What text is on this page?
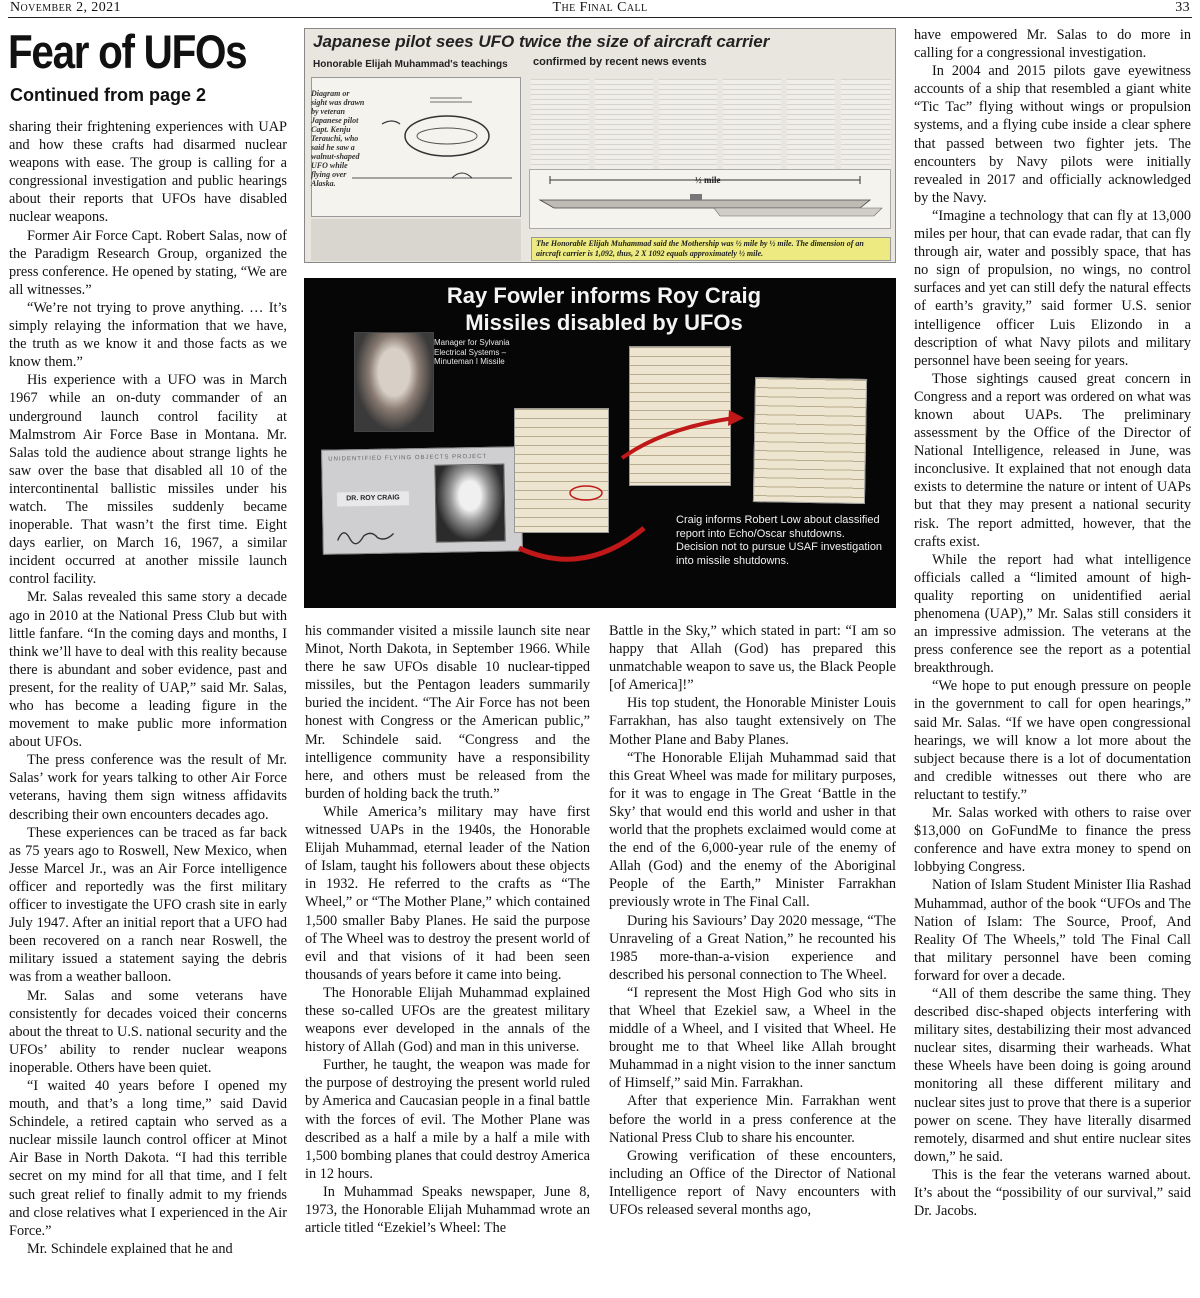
November 2, 2021	The Final Call	33
Fear of UFOs
Continued from page 2
Japanese pilot sees UFO twice the size of aircraft carrier
Honorable Elijah Muhammad's teachings confirmed by recent news events
Diagram or sight was drawn by veteran Japanese pilot Capt. Kenju Terauchi, who said he saw a walnut-shaped UFO while flying over Alaska.	½ mile
The Honorable Elijah Muhammad said the Mothership was ½ mile by ½ mile. The dimension of an aircraft carrier is 1,092, thus, 2 X 1092 equals approximately ½ mile.
Ray Fowler informs Roy Craig
Missiles disabled by UFOs
Manager for Sylvania Electrical Systems – Minuteman I Missile
UNIDENTIFIED FLYING OBJECTS PROJECT
DR. ROY CRAIG
Craig informs Robert Low about classified report into Echo/Oscar shutdowns. Decision not to pursue USAF investigation into missile shutdowns.

sharing their frightening experiences with UAP and how these crafts had disarmed nuclear weapons with ease. The group is calling for a congressional investigation and public hearings about their reports that UFOs have disabled nuclear weapons.

Former Air Force Capt. Robert Salas, now of the Paradigm Research Group, organized the press conference. He opened by stating, “We are all witnesses.”

“We’re not trying to prove anything. … It’s simply relaying the information that we have, the truth as we know it and those facts as we know them.”

His experience with a UFO was in March 1967 while an on-duty commander of an underground launch control facility at Malmstrom Air Force Base in Montana. Mr. Salas told the audience about strange lights he saw over the base that disabled all 10 of the intercontinental ballistic missiles under his watch. The missiles suddenly became inoperable. That wasn’t the first time. Eight days earlier, on March 16, 1967, a similar incident occurred at another missile launch control facility.

Mr. Salas revealed this same story a decade ago in 2010 at the National Press Club but with little fanfare. “In the coming days and months, I think we’ll have to deal with this reality because there is abundant and sober evidence, past and present, for the reality of UAP,” said Mr. Salas, who has become a leading figure in the movement to make public more information about UFOs.

The press conference was the result of Mr. Salas’ work for years talking to other Air Force veterans, having them sign witness affidavits describing their own encounters decades ago.

These experiences can be traced as far back as 75 years ago to Roswell, New Mexico, when Jesse Marcel Jr., was an Air Force intelligence officer and reportedly was the first military officer to investigate the UFO crash site in early July 1947. After an initial report that a UFO had been recovered on a ranch near Roswell, the military issued a statement saying the debris was from a weather balloon.

Mr. Salas and some veterans have consistently for decades voiced their concerns about the threat to U.S. national security and the UFOs’ ability to render nuclear weapons inoperable. Others have been quiet.

“I waited 40 years before I opened my mouth, and that’s a long time,” said David Schindele, a retired captain who served as a nuclear missile launch control officer at Minot Air Base in North Dakota. “I had this terrible secret on my mind for all that time, and I felt such great relief to finally admit to my friends and close relatives what I experienced in the Air Force.”

Mr. Schindele explained that he and

his commander visited a missile launch site near Minot, North Dakota, in September 1966. While there he saw UFOs disable 10 nuclear-tipped missiles, but the Pentagon leaders summarily buried the incident. “The Air Force has not been honest with Congress or the American public,” Mr. Schindele said. “Congress and the intelligence community have a responsibility here, and others must be released from the burden of holding back the truth.”

While America’s military may have first witnessed UAPs in the 1940s, the Honorable Elijah Muhammad, eternal leader of the Nation of Islam, taught his followers about these objects in 1932. He referred to the crafts as “The Wheel,” or “The Mother Plane,” which contained 1,500 smaller Baby Planes. He said the purpose of The Wheel was to destroy the present world of evil and that visions of it had been seen thousands of years before it came into being.

The Honorable Elijah Muhammad explained these so-called UFOs are the greatest military weapons ever developed in the annals of the history of Allah (God) and man in this universe.

Further, he taught, the weapon was made for the purpose of destroying the present world ruled by America and Caucasian people in a final battle with the forces of evil. The Mother Plane was described as a half a mile by a half a mile with 1,500 bombing planes that could destroy America in 12 hours.

In Muhammad Speaks newspaper, June 8, 1973, the Honorable Elijah Muhammad wrote an article titled “Ezekiel’s Wheel: The

Battle in the Sky,” which stated in part: “I am so happy that Allah (God) has prepared this unmatchable weapon to save us, the Black People [of America]!”

His top student, the Honorable Minister Louis Farrakhan, has also taught extensively on The Mother Plane and Baby Planes.

“The Honorable Elijah Muhammad said that this Great Wheel was made for military purposes, for it was to engage in The Great ‘Battle in the Sky’ that would end this world and usher in that world that the prophets exclaimed would come at the end of the 6,000-year rule of the enemy of Allah (God) and the enemy of the Aboriginal People of the Earth,” Minister Farrakhan previously wrote in The Final Call.

During his Saviours’ Day 2020 message, “The Unraveling of a Great Nation,” he recounted his 1985 more-than-a-vision experience and described his personal connection to The Wheel.

“I represent the Most High God who sits in that Wheel that Ezekiel saw, a Wheel in the middle of a Wheel, and I visited that Wheel. He brought me to that Wheel like Allah brought Muhammad in a night vision to the inner sanctum of Himself,” said Min. Farrakhan.

After that experience Min. Farrakhan went before the world in a press conference at the National Press Club to share his encounter.

Growing verification of these encounters, including an Office of the Director of National Intelligence report of Navy encounters with UFOs released several months ago,

have empowered Mr. Salas to do more in calling for a congressional investigation.

In 2004 and 2015 pilots gave eyewitness accounts of a ship that resembled a giant white “Tic Tac” flying without wings or propulsion systems, and a flying cube inside a clear sphere that passed between two fighter jets. The encounters by Navy pilots were initially revealed in 2017 and officially acknowledged by the Navy.

“Imagine a technology that can fly at 13,000 miles per hour, that can evade radar, that can fly through air, water and possibly space, that has no sign of propulsion, no wings, no control surfaces and yet can still defy the natural effects of earth’s gravity,” said former U.S. senior intelligence officer Luis Elizondo in a description of what Navy pilots and military personnel have been seeing for years.

Those sightings caused great concern in Congress and a report was ordered on what was known about UAPs. The preliminary assessment by the Office of the Director of National Intelligence, released in June, was inconclusive. It explained that not enough data exists to determine the nature or intent of UAPs but that they may present a national security risk. The report admitted, however, that the crafts exist.

While the report had what intelligence officials called a “limited amount of high-quality reporting on unidentified aerial phenomena (UAP),” Mr. Salas still considers it an impressive admission. The veterans at the press conference see the report as a potential breakthrough.

“We hope to put enough pressure on people in the government to call for open hearings,” said Mr. Salas. “If we have open congressional hearings, we will know a lot more about the subject because there is a lot of documentation and credible witnesses out there who are reluctant to testify.”

Mr. Salas worked with others to raise over $13,000 on GoFundMe to finance the press conference and have extra money to spend on lobbying Congress.

Nation of Islam Student Minister Ilia Rashad Muhammad, author of the book “UFOs and The Nation of Islam: The Source, Proof, And Reality Of The Wheels,” told The Final Call that military personnel have been coming forward for over a decade.

“All of them describe the same thing. They described disc-shaped objects interfering with military sites, destabilizing their most advanced nuclear sites, disarming their warheads. What these Wheels have been doing is going around monitoring all these different military and nuclear sites just to prove that there is a superior power on scene. They have literally disarmed remotely, disarmed and shut entire nuclear sites down,” he said.

This is the fear the veterans warned about. It’s about the “possibility of our survival,” said Dr. Jacobs.
